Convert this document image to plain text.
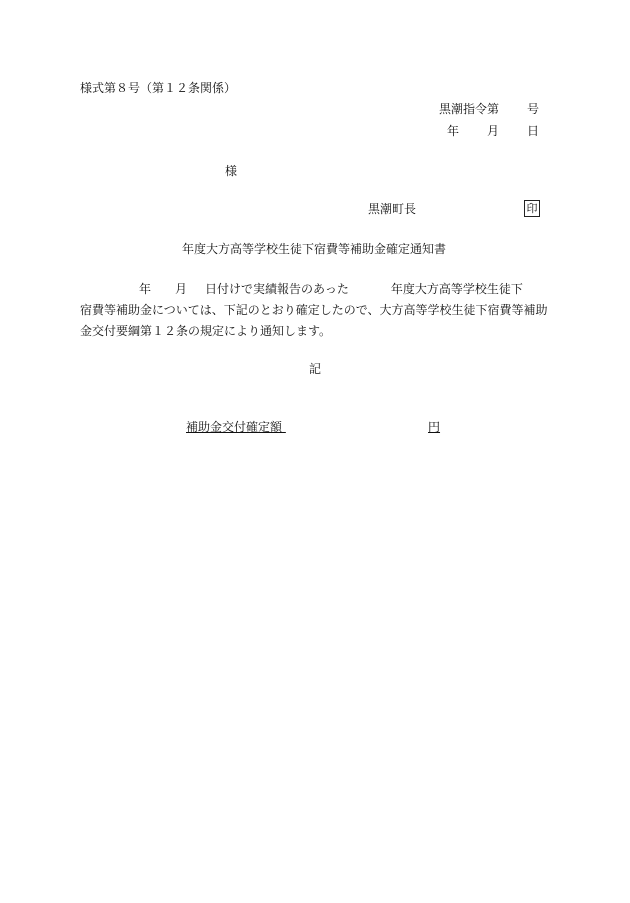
様式第８号（第１２条関係）
黒潮指令第 号
年 月 日
様
黒潮町長	印
年度大方高等学校生徒下宿費等補助金確定通知書
年 月 日付けで実績報告のあった	年度大方高等学校生徒下
宿費等補助金については、下記のとおり確定したので、大方高等学校生徒下宿費等補助
金交付要綱第１２条の規定により通知します。
記
補助金交付確定額	円
